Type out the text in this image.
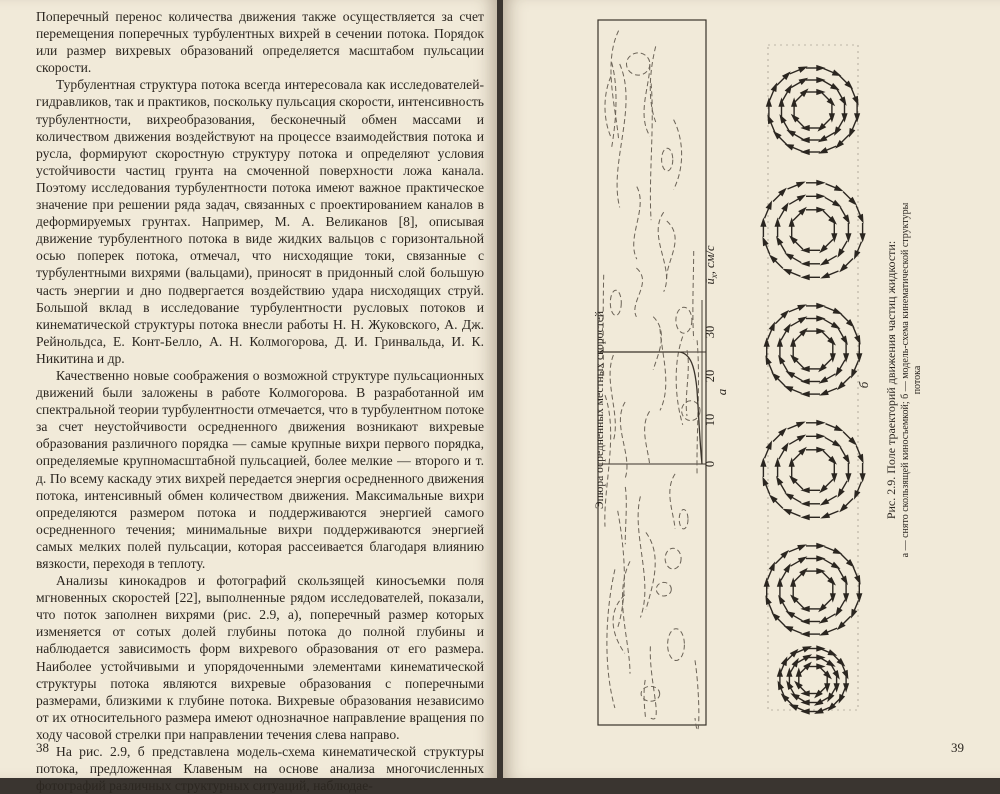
Поперечный перенос количества движения также осуществляется за счет перемещения поперечных турбулентных вихрей в сечении потока. Порядок или размер вихревых образований определяется масштабом пульсации скорости.

Турбулентная структура потока всегда интересовала как исследователей-гидравликов, так и практиков, поскольку пульсация скорости, интенсивность турбулентности, вихреобразования, бесконечный обмен массами и количеством движения воздействуют на процессе взаимодействия потока и русла, формируют скоростную структуру потока и определяют условия устойчивости частиц грунта на смоченной поверхности ложа канала. Поэтому исследования турбулентности потока имеют важное практическое значение при решении ряда задач, связанных с проектированием каналов в деформируемых грунтах. Например, М. А. Великанов [8], описывая движение турбулентного потока в виде жидких вальцов с горизонтальной осью поперек потока, отмечал, что нисходящие токи, связанные с турбулентными вихрями (вальцами), приносят в придонный слой большую часть энергии и дно подвергается воздействию удара нисходящих струй. Большой вклад в исследование турбулентности русловых потоков и кинематической структуры потока внесли работы Н. Н. Жуковского, А. Дж. Рейнольдса, Е. Конт-Белло, А. Н. Колмогорова, Д. И. Гринвальда, И. К. Никитина и др.

Качественно новые соображения о возможной структуре пульсационных движений были заложены в работе Колмогорова. В разработанной им спектральной теории турбулентности отмечается, что в турбулентном потоке за счет неустойчивости осредненного движения возникают вихревые образования различного порядка — самые крупные вихри первого порядка, определяемые крупномасштабной пульсацией, более мелкие — второго и т. д. По всему каскаду этих вихрей передается энергия осредненного движения потока, интенсивный обмен количеством движения. Максимальные вихри определяются размером потока и поддерживаются энергией самого осредненного течения; минимальные вихри поддерживаются энергией самых мелких полей пульсации, которая рассеивается благодаря влиянию вязкости, переходя в теплоту.

Анализы кинокадров и фотографий скользящей киносъемки поля мгновенных скоростей [22], выполненные рядом исследователей, показали, что поток заполнен вихрями (рис. 2.9, а), поперечный размер которых изменяется от сотых долей глубины потока до полной глубины и наблюдается зависимость форм вихревого образования от его размера. Наиболее устойчивыми и упорядоченными элементами кинематической структуры потока являются вихревые образования с поперечными размерами, близкими к глубине потока. Вихревые образования независимо от их относительного размера имеют однозначное направление вращения по ходу часовой стрелки при направлении течения слева направо.

На рис. 2.9, б представлена модель-схема кинематической структуры потока, предложенная Клавеным на основе анализа многочисленных фотографий различных структурных ситуаций, наблюдае-

38
Эпюра осредненных местных скоростей	0
10
20
30
$ū_x$, см/с
а
б Рис. 2.9. Поле траекторий движения частиц жидкости: а — снято скользящей киносъемкой; б — модель-схема кинематической структуры потока
39
